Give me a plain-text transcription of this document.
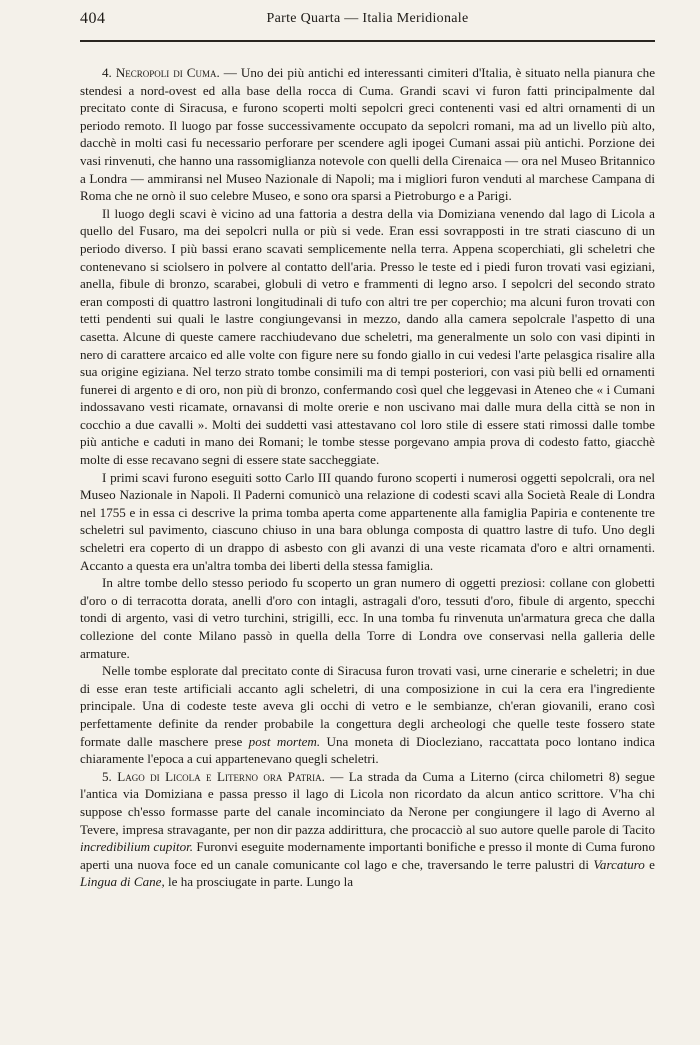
404	Parte Quarta — Italia Meridionale

4. Necropoli di Cuma. — Uno dei più antichi ed interessanti cimiteri d'Italia, è situato nella pianura che stendesi a nord-ovest ed alla base della rocca di Cuma. Grandi scavi vi furon fatti principalmente dal precitato conte di Siracusa, e furono scoperti molti sepolcri greci contenenti vasi ed altri ornamenti di un periodo remoto. Il luogo par fosse successivamente occupato da sepolcri romani, ma ad un livello più alto, dacchè in molti casi fu necessario perforare per scendere agli ipogei Cumani assai più antichi. Porzione dei vasi rinvenuti, che hanno una rassomiglianza notevole con quelli della Cirenaica — ora nel Museo Britannico a Londra — ammiransi nel Museo Nazionale di Napoli; ma i migliori furon venduti al marchese Campana di Roma che ne ornò il suo celebre Museo, e sono ora sparsi a Pietroburgo e a Parigi.

Il luogo degli scavi è vicino ad una fattoria a destra della via Domiziana venendo dal lago di Licola a quello del Fusaro, ma dei sepolcri nulla or più si vede. Eran essi sovrapposti in tre strati ciascuno di un periodo diverso. I più bassi erano scavati semplicemente nella terra. Appena scoperchiati, gli scheletri che contenevano si sciolsero in polvere al contatto dell'aria. Presso le teste ed i piedi furon trovati vasi egiziani, anella, fibule di bronzo, scarabei, globuli di vetro e frammenti di legno arso. I sepolcri del secondo strato eran composti di quattro lastroni longitudinali di tufo con altri tre per coperchio; ma alcuni furon trovati con tetti pendenti sui quali le lastre congiungevansi in mezzo, dando alla camera sepolcrale l'aspetto di una casetta. Alcune di queste camere racchiudevano due scheletri, ma generalmente un solo con vasi dipinti in nero di carattere arcaico ed alle volte con figure nere su fondo giallo in cui vedesi l'arte pelasgica risalire alla sua origine egiziana. Nel terzo strato tombe consimili ma di tempi posteriori, con vasi più belli ed ornamenti funerei di argento e di oro, non più di bronzo, confermando così quel che leggevasi in Ateneo che « i Cumani indossavano vesti ricamate, ornavansi di molte orerie e non uscivano mai dalle mura della città se non in cocchio a due cavalli ». Molti dei suddetti vasi attestavano col loro stile di essere stati rimossi dalle tombe più antiche e caduti in mano dei Romani; le tombe stesse porgevano ampia prova di codesto fatto, giacchè molte di esse recavano segni di essere state saccheggiate.

I primi scavi furono eseguiti sotto Carlo III quando furono scoperti i numerosi oggetti sepolcrali, ora nel Museo Nazionale in Napoli. Il Paderni comunicò una relazione di codesti scavi alla Società Reale di Londra nel 1755 e in essa ci descrive la prima tomba aperta come appartenente alla famiglia Papiria e contenente tre scheletri sul pavimento, ciascuno chiuso in una bara oblunga composta di quattro lastre di tufo. Uno degli scheletri era coperto di un drappo di asbesto con gli avanzi di una veste ricamata d'oro e altri ornamenti. Accanto a questa era un'altra tomba dei liberti della stessa famiglia.

In altre tombe dello stesso periodo fu scoperto un gran numero di oggetti preziosi: collane con globetti d'oro o di terracotta dorata, anelli d'oro con intagli, astragali d'oro, tessuti d'oro, fibule di argento, specchi tondi di argento, vasi di vetro turchini, strigilli, ecc. In una tomba fu rinvenuta un'armatura greca che dalla collezione del conte Milano passò in quella della Torre di Londra ove conservasi nella galleria delle armature.

Nelle tombe esplorate dal precitato conte di Siracusa furon trovati vasi, urne cinerarie e scheletri; in due di esse eran teste artificiali accanto agli scheletri, di una composizione in cui la cera era l'ingrediente principale. Una di codeste teste aveva gli occhi di vetro e le sembianze, ch'eran giovanili, erano così perfettamente definite da render probabile la congettura degli archeologi che quelle teste fossero state formate dalle maschere prese post mortem. Una moneta di Diocleziano, raccattata poco lontano indica chiaramente l'epoca a cui appartenevano quegli scheletri.

5. Lago di Licola e Literno ora Patria. — La strada da Cuma a Literno (circa chilometri 8) segue l'antica via Domiziana e passa presso il lago di Licola non ricordato da alcun antico scrittore. V'ha chi suppose ch'esso formasse parte del canale incominciato da Nerone per congiungere il lago di Averno al Tevere, impresa stravagante, per non dir pazza addirittura, che procacciò al suo autore quelle parole di Tacito incredibilium cupitor. Furonvi eseguite modernamente importanti bonifiche e presso il monte di Cuma furono aperti una nuova foce ed un canale comunicante col lago e che, traversando le terre palustri di Varcaturo e Lingua di Cane, le ha prosciugate in parte. Lungo la
